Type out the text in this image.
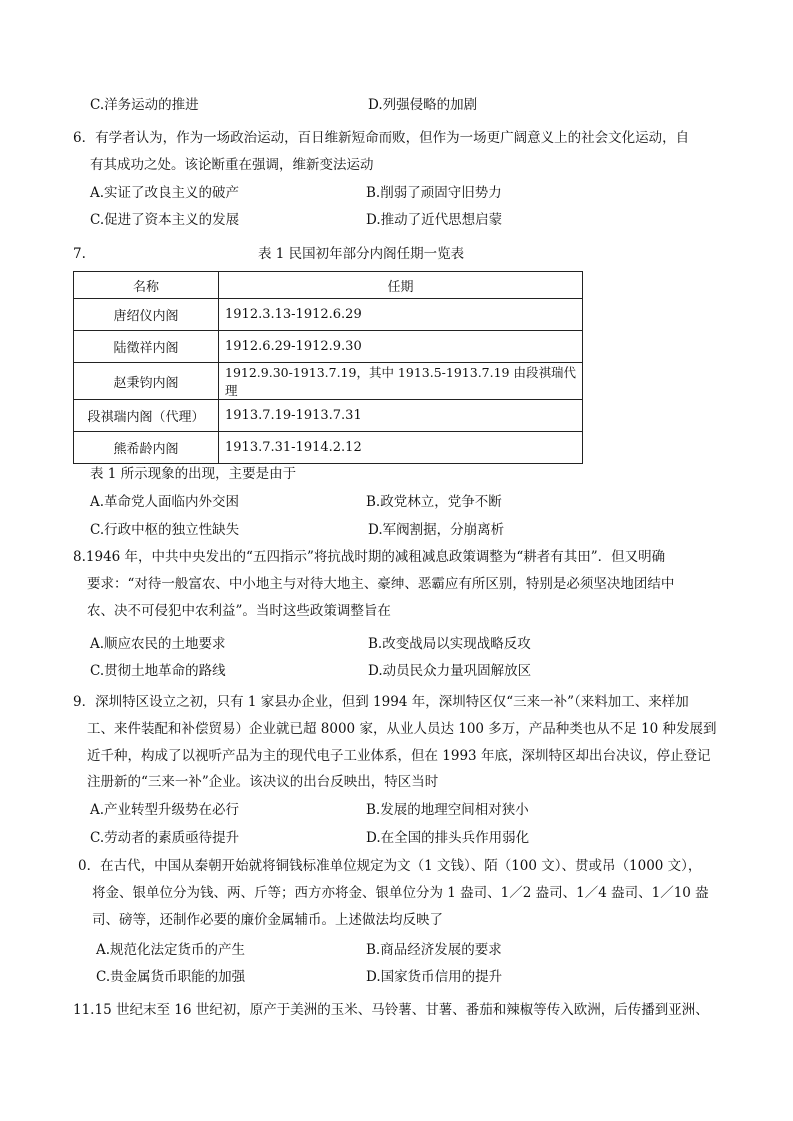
C.洋务运动的推进	D.列强侵略的加剧
6．有学者认为，作为一场政治运动，百日维新短命而败，但作为一场更广阔意义上的社会文化运动，自
有其成功之处。该论断重在强调，维新变法运动
A.实证了改良主义的破产	B.削弱了顽固守旧势力
C.促进了资本主义的发展	D.推动了近代思想启蒙
7.	表 1 民国初年部分内阁任期一览表
名称	任期
唐绍仪内阁	1912.3.13-1912.6.29
陆徵祥内阁	1912.6.29-1912.9.30
赵秉钧内阁	1912.9.30-1913.7.19，其中 1913.5-1913.7.19 由段祺瑞代理
段祺瑞内阁（代理）	1913.7.19-1913.7.31
熊希龄内阁	1913.7.31-1914.2.12
表 1 所示现象的出现，主要是由于
A.革命党人面临内外交困	B.政党林立，党争不断
C.行政中枢的独立性缺失	D.军阀割据，分崩离析
8.1946 年，中共中央发出的“五四指示”将抗战时期的减租减息政策调整为“耕者有其田”．但又明确
要求：“对待一般富农、中小地主与对待大地主、豪绅、恶霸应有所区别，特别是必须坚决地团结中
农、决不可侵犯中农利益”。当时这些政策调整旨在
A.顺应农民的土地要求	B.改变战局以实现战略反攻
C.贯彻土地革命的路线	D.动员民众力量巩固解放区
9．深圳特区设立之初，只有 1 家县办企业，但到 1994 年，深圳特区仅“三来一补”（来料加工、来样加
工、来件装配和补偿贸易）企业就已超 8000 家，从业人员达 100 多万，产品种类也从不足 10 种发展到
近千种，构成了以视听产品为主的现代电子工业体系，但在 1993 年底，深圳特区却出台决议，停止登记
注册新的“三来一补”企业。该决议的出台反映出，特区当时
A.产业转型升级势在必行	B.发展的地理空间相对狭小
C.劳动者的素质亟待提升	D.在全国的排头兵作用弱化
0．在古代，中国从秦朝开始就将铜钱标准单位规定为文（1 文钱）、陌（100 文）、贯或吊（1000 文），
将金、银单位分为钱、两、斤等；西方亦将金、银单位分为 1 盎司、1／2 盎司、1／4 盎司、1／10 盎
司、磅等，还制作必要的廉价金属辅币。上述做法均反映了
A.规范化法定货币的产生	B.商品经济发展的要求
C.贵金属货币职能的加强	D.国家货币信用的提升
11.15 世纪末至 16 世纪初，原产于美洲的玉米、马铃薯、甘薯、番茄和辣椒等传入欧洲，后传播到亚洲、
